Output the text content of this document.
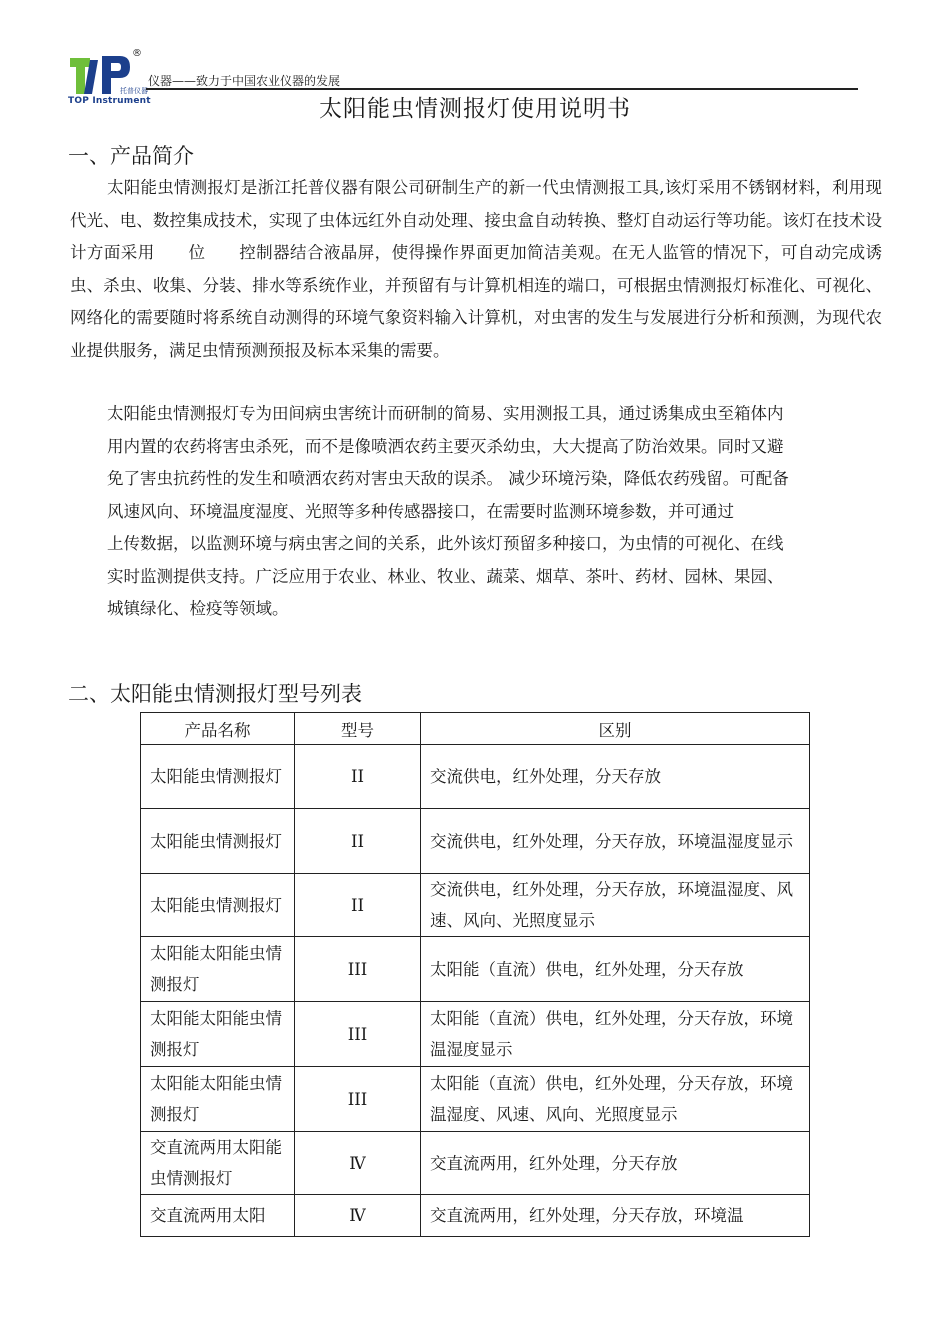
®
托普仪器
TOP Instrument
仪器——致力于中国农业仪器的发展
太阳能虫情测报灯使用说明书
一、产品简介

太阳能虫情测报灯是浙江托普仪器有限公司研制生产的新一代虫情测报工具,该灯采用不锈钢材料，利用现代光、电、数控集成技术，实现了虫体远红外自动处理、接虫盒自动转换、整灯自动运行等功能。该灯在技术设计方面采用　　位　　控制器结合液晶屏，使得操作界面更加简洁美观。在无人监管的情况下，可自动完成诱虫、杀虫、收集、分装、排水等系统作业，并预留有与计算机相连的端口，可根据虫情测报灯标准化、可视化、网络化的需要随时将系统自动测得的环境气象资料输入计算机，对虫害的发生与发展进行分析和预测，为现代农业提供服务，满足虫情预测预报及标本采集的需要。

太阳能虫情测报灯专为田间病虫害统计而研制的简易、实用测报工具，通过诱集成虫至箱体内

用内置的农药将害虫杀死，而不是像喷洒农药主要灭杀幼虫，大大提高了防治效果。同时又避

免了害虫抗药性的发生和喷洒农药对害虫天敌的误杀。 减少环境污染，降低农药残留。可配备

风速风向、环境温度湿度、光照等多种传感器接口，在需要时监测环境参数，并可通过

上传数据，以监测环境与病虫害之间的关系，此外该灯预留多种接口，为虫情的可视化、在线

实时监测提供支持。广泛应用于农业、林业、牧业、蔬菜、烟草、茶叶、药材、园林、果园、

城镇绿化、检疫等领域。

二、太阳能虫情测报灯型号列表
产品名称	型号	区别
太阳能虫情测报灯	II	交流供电，红外处理，分天存放
太阳能虫情测报灯	II	交流供电，红外处理，分天存放，环境温湿度显示
太阳能虫情测报灯	II	交流供电，红外处理，分天存放，环境温湿度、风速、风向、光照度显示
太阳能太阳能虫情测报灯	III	太阳能（直流）供电，红外处理，分天存放
太阳能太阳能虫情测报灯	III	太阳能（直流）供电，红外处理，分天存放，环境温湿度显示
太阳能太阳能虫情测报灯	III	太阳能（直流）供电，红外处理，分天存放，环境温湿度、风速、风向、光照度显示
交直流两用太阳能虫情测报灯	Ⅳ	交直流两用，红外处理，分天存放
交直流两用太阳	Ⅳ	交直流两用，红外处理，分天存放，环境温
